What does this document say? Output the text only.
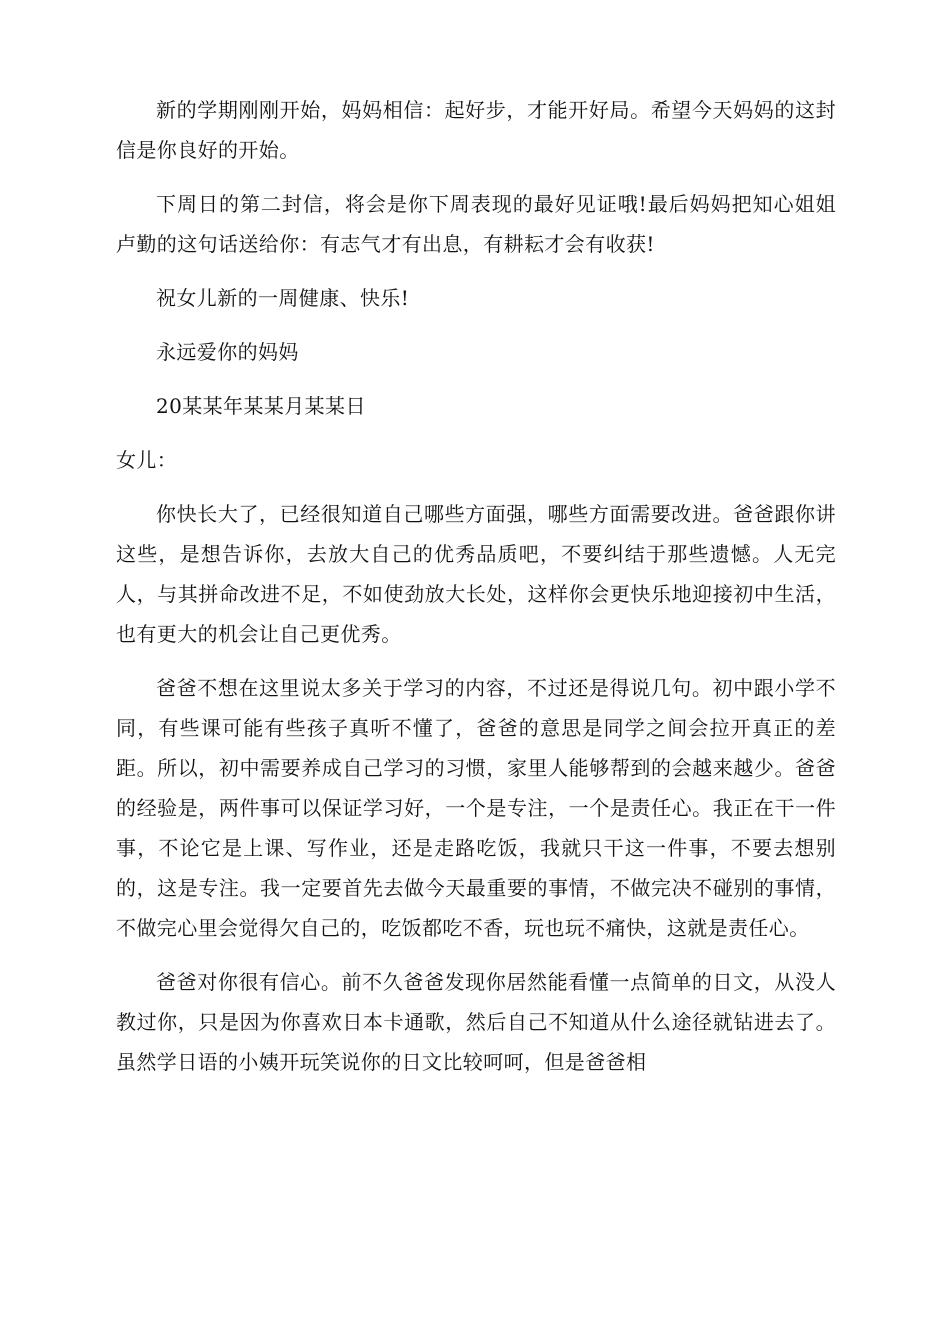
新的学期刚刚开始，妈妈相信：起好步，才能开好局。希望今天妈妈的这封信是你良好的开始。

下周日的第二封信，将会是你下周表现的最好见证哦!最后妈妈把知心姐姐卢勤的这句话送给你：有志气才有出息，有耕耘才会有收获!

祝女儿新的一周健康、快乐!

永远爱你的妈妈

20某某年某某月某某日

女儿：

你快长大了，已经很知道自己哪些方面强，哪些方面需要改进。爸爸跟你讲这些，是想告诉你，去放大自己的优秀品质吧，不要纠结于那些遗憾。人无完人，与其拼命改进不足，不如使劲放大长处，这样你会更快乐地迎接初中生活，也有更大的机会让自己更优秀。

爸爸不想在这里说太多关于学习的内容，不过还是得说几句。初中跟小学不同，有些课可能有些孩子真听不懂了，爸爸的意思是同学之间会拉开真正的差距。所以，初中需要养成自己学习的习惯，家里人能够帮到的会越来越少。爸爸的经验是，两件事可以保证学习好，一个是专注，一个是责任心。我正在干一件事，不论它是上课、写作业，还是走路吃饭，我就只干这一件事，不要去想别的，这是专注。我一定要首先去做今天最重要的事情，不做完决不碰别的事情，不做完心里会觉得欠自己的，吃饭都吃不香，玩也玩不痛快，这就是责任心。

爸爸对你很有信心。前不久爸爸发现你居然能看懂一点简单的日文，从没人教过你，只是因为你喜欢日本卡通歌，然后自己不知道从什么途径就钻进去了。虽然学日语的小姨开玩笑说你的日文比较呵呵，但是爸爸相
